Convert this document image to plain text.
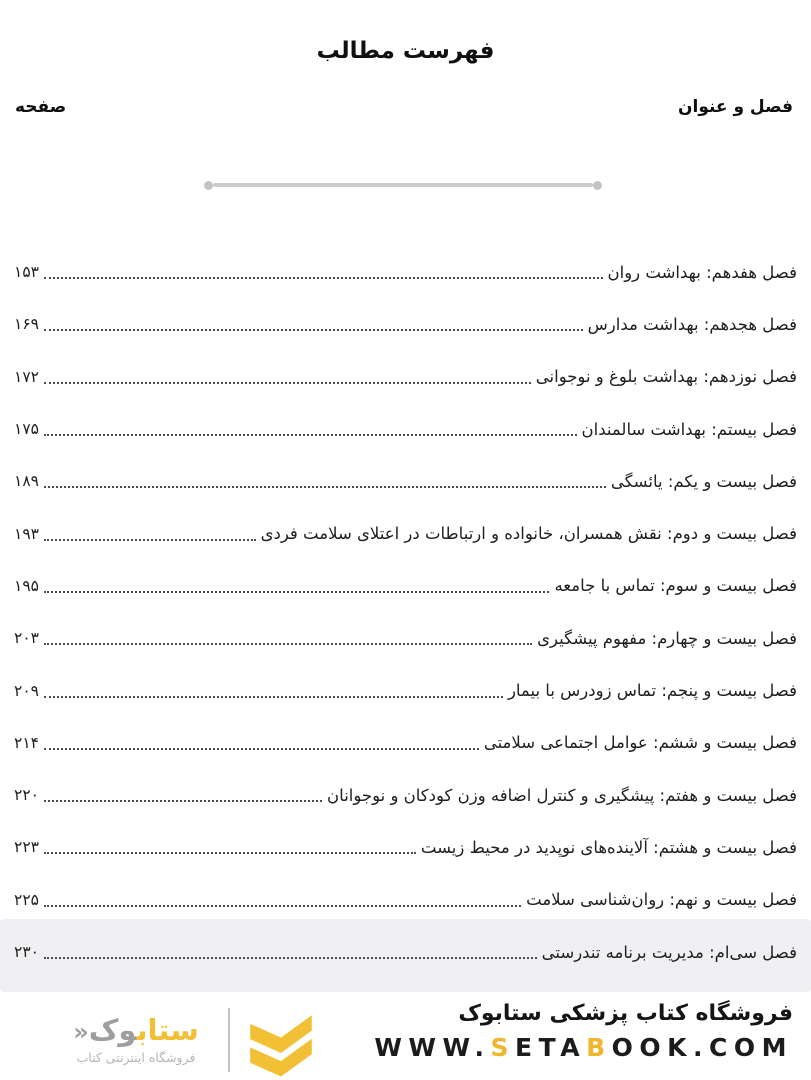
فهرست مطالب
صفحه	فصل و عنوان
فصل هفدهم: بهداشت روان
۱۵۳
فصل هجدهم: بهداشت مدارس
۱۶۹
فصل نوزدهم: بهداشت بلوغ و نوجوانی
۱۷۲
فصل بیستم: بهداشت سالمندان
۱۷۵
فصل بیست و یکم: یائسگی
۱۸۹
فصل بیست و دوم: نقش همسران، خانواده و ارتباطات در اعتلای سلامت فردی
۱۹۳
فصل بیست و سوم: تماس با جامعه
۱۹۵
فصل بیست و چهارم: مفهوم پیشگیری
۲۰۳
فصل بیست و پنجم: تماس زودرس با بیمار
۲۰۹
فصل بیست و ششم: عوامل اجتماعی سلامتی
۲۱۴
فصل بیست و هفتم: پیشگیری و کنترل اضافه وزن کودکان و نوجوانان
۲۲۰
فصل بیست و هشتم: آلاینده‌های نوپدید در محیط زیست
۲۲۳
فصل بیست و نهم: روان‌شناسی سلامت
۲۲۵
فصل سی‌ام: مدیریت برنامه تندرستی
۲۳۰
فروشگاه کتاب پزشکی ستابوک
WWW.SETABOOK.COM
ستابوک«
فروشگاه اینترنتی کتاب
